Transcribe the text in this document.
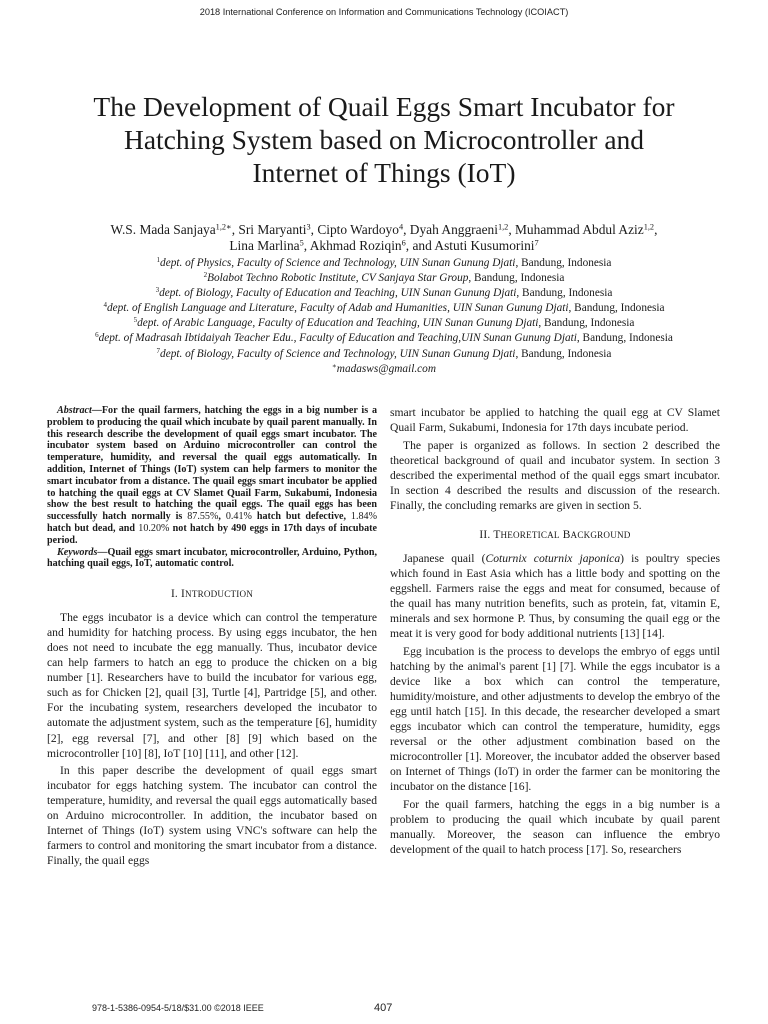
2018 International Conference on Information and Communications Technology (ICOIACT)
The Development of Quail Eggs Smart Incubator for
Hatching System based on Microcontroller and
Internet of Things (IoT)
W.S. Mada Sanjaya$^{1,2∗}$, Sri Maryanti$^3$, Cipto Wardoyo$^4$, Dyah Anggraeni$^{1,2}$, Muhammad Abdul Aziz$^{1,2}$,
Lina Marlina$^5$, Akhmad Roziqin$^6$, and Astuti Kusumorini$^7$
$^1$dept. of Physics, Faculty of Science and Technology, UIN Sunan Gunung Djati, Bandung, Indonesia
$^2$Bolabot Techno Robotic Institute, CV Sanjaya Star Group, Bandung, Indonesia
$^3$dept. of Biology, Faculty of Education and Teaching, UIN Sunan Gunung Djati, Bandung, Indonesia
$^4$dept. of English Language and Literature, Faculty of Adab and Humanities, UIN Sunan Gunung Djati, Bandung, Indonesia
$^5$dept. of Arabic Language, Faculty of Education and Teaching, UIN Sunan Gunung Djati, Bandung, Indonesia
$^6$dept. of Madrasah Ibtidaiyah Teacher Edu., Faculty of Education and Teaching,UIN Sunan Gunung Djati, Bandung, Indonesia
$^7$dept. of Biology, Faculty of Science and Technology, UIN Sunan Gunung Djati, Bandung, Indonesia
∗madasws@gmail.com

Abstract—For the quail farmers, hatching the eggs in a big number is a problem to producing the quail which incubate by quail parent manually. In this research describe the development of quail eggs smart incubator. The incubator system based on Arduino microcontroller can control the temperature, humidity, and reversal the quail eggs automatically. In addition, Internet of Things (IoT) system can help farmers to monitor the smart incubator from a distance. The quail eggs smart incubator be applied to hatching the quail eggs at CV Slamet Quail Farm, Sukabumi, Indonesia show the best result to hatching the quail eggs. The quail eggs has been successfully hatch normally is 87.55%, 0.41% hatch but defective, 1.84% hatch but dead, and 10.20% not hatch by 490 eggs in 17th days of incubate period.

Keywords—Quail eggs smart incubator, microcontroller, Arduino, Python, hatching quail eggs, IoT, automatic control.

I. INTRODUCTION

The eggs incubator is a device which can control the temperature and humidity for hatching process. By using eggs incubator, the hen does not need to incubate the egg manually. Thus, incubator device can help farmers to hatch an egg to produce the chicken on a big number [1]. Researchers have to build the incubator for various egg, such as for Chicken [2], quail [3], Turtle [4], Partridge [5], and other. For the incubating system, researchers developed the incubator to automate the adjustment system, such as the temperature [6], humidity [2], egg reversal [7], and other [8] [9] which based on the microcontroller [10] [8], IoT [10] [11], and other [12].

In this paper describe the development of quail eggs smart incubator for eggs hatching system. The incubator can control the temperature, humidity, and reversal the quail eggs automatically based on Arduino microcontroller. In addition, the incubator based on Internet of Things (IoT) system using VNC's software can help the farmers to control and monitoring the smart incubator from a distance. Finally, the quail eggs

smart incubator be applied to hatching the quail egg at CV Slamet Quail Farm, Sukabumi, Indonesia for 17th days incubate period.

The paper is organized as follows. In section 2 described the theoretical background of quail and incubator system. In section 3 described the experimental method of the quail eggs smart incubator. In section 4 described the results and discussion of the research. Finally, the concluding remarks are given in section 5.

II. THEORETICAL BACKGROUND

Japanese quail (Coturnix coturnix japonica) is poultry species which found in East Asia which has a little body and spotting on the eggshell. Farmers raise the eggs and meat for consumed, because of the quail has many nutrition benefits, such as protein, fat, vitamin E, minerals and sex hormone P. Thus, by consuming the quail egg or the meat it is very good for body additional nutrients [13] [14].

Egg incubation is the process to develops the embryo of eggs until hatching by the animal's parent [1] [7]. While the eggs incubator is a device like a box which can control the temperature, humidity/moisture, and other adjustments to develop the embryo of the egg until hatch [15]. In this decade, the researcher developed a smart eggs incubator which can control the temperature, humidity, eggs reversal or the other adjustment combination based on the microcontroller [1]. Moreover, the incubator added the observer based on Internet of Things (IoT) in order the farmer can be monitoring the incubator on the distance [16].

For the quail farmers, hatching the eggs in a big number is a problem to producing the quail which incubate by quail parent manually. Moreover, the season can influence the embryo development of the quail to hatch process [17]. So, researchers

978-1-5386-0954-5/18/$31.00 ©2018 IEEE	407
